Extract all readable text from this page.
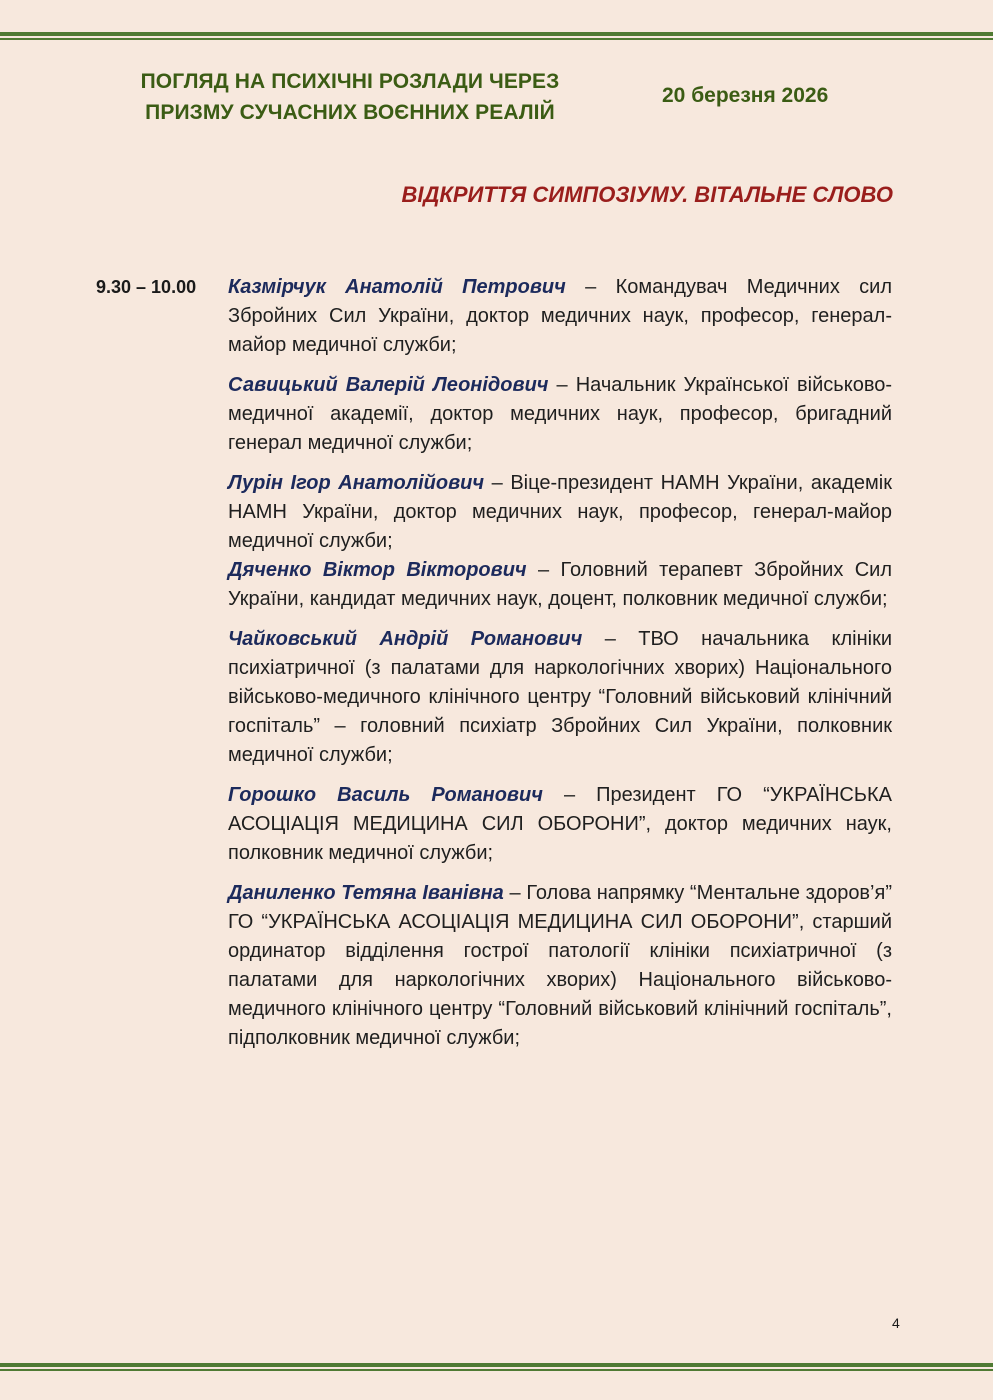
ПОГЛЯД НА ПСИХІЧНІ РОЗЛАДИ ЧЕРЕЗ
ПРИЗМУ СУЧАСНИХ ВОЄННИХ РЕАЛІЙ
20 березня 2026
ВІДКРИТТЯ СИМПОЗІУМУ. ВІТАЛЬНЕ СЛОВО
9.30 – 10.00 Казмірчук Анатолій Петрович – Командувач Медичних сил Збройних Сил України, доктор медичних наук, професор, генерал-майор медичної служби;

Савицький Валерій Леонідович – Начальник Української військово-медичної академії, доктор медичних наук, професор, бригадний генерал медичної служби;

Лурін Ігор Анатолійович – Віце-президент НАМН України, академік НАМН України, доктор медичних наук, професор, генерал-майор медичної служби;

Дяченко Віктор Вікторович – Головний терапевт Збройних Сил України, кандидат медичних наук, доцент, полковник медичної служби;

Чайковський Андрій Романович – ТВО начальника клініки психіатричної (з палатами для наркологічних хворих) Національного військово-медичного клінічного центру “Головний військовий клінічний госпіталь” – головний психіатр Збройних Сил України, полковник медичної служби;

Горошко Василь Романович – Президент ГО “УКРАЇНСЬКА АСОЦІАЦІЯ МЕДИЦИНА СИЛ ОБОРОНИ”, доктор медичних наук, полковник медичної служби;

Даниленко Тетяна Іванівна – Голова напрямку “Ментальне здоров’я” ГО “УКРАЇНСЬКА АСОЦІАЦІЯ МЕДИЦИНА СИЛ ОБОРОНИ”, старший ординатор відділення гострої патології клініки психіатричної (з палатами для наркологічних хворих) Національного військово-медичного клінічного центру “Головний військовий клінічний госпіталь”, підполковник медичної служби;

4
